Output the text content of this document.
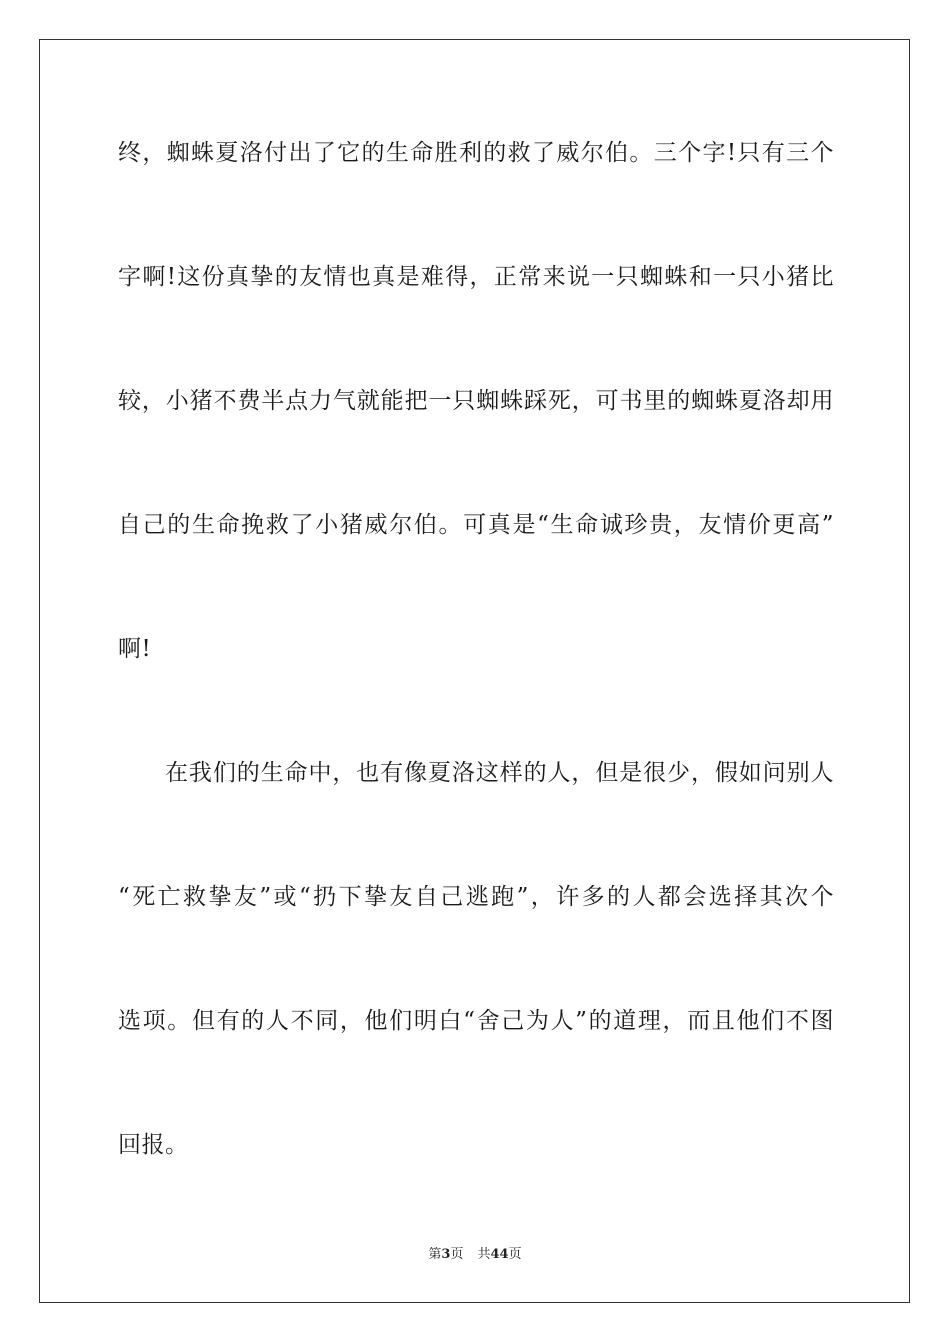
终，蜘蛛夏洛付出了它的生命胜利的救了威尔伯。三个字!只有三个
字啊!这份真挚的友情也真是难得，正常来说一只蜘蛛和一只小猪比
较，小猪不费半点力气就能把一只蜘蛛踩死，可书里的蜘蛛夏洛却用
自己的生命挽救了小猪威尔伯。可真是“生命诚珍贵，友情价更高”
啊!
在我们的生命中，也有像夏洛这样的人，但是很少，假如问别人
“死亡救挚友”或“扔下挚友自己逃跑”，许多的人都会选择其次个
选项。但有的人不同，他们明白“舍己为人”的道理，而且他们不图
回报。
第3页 共44页
